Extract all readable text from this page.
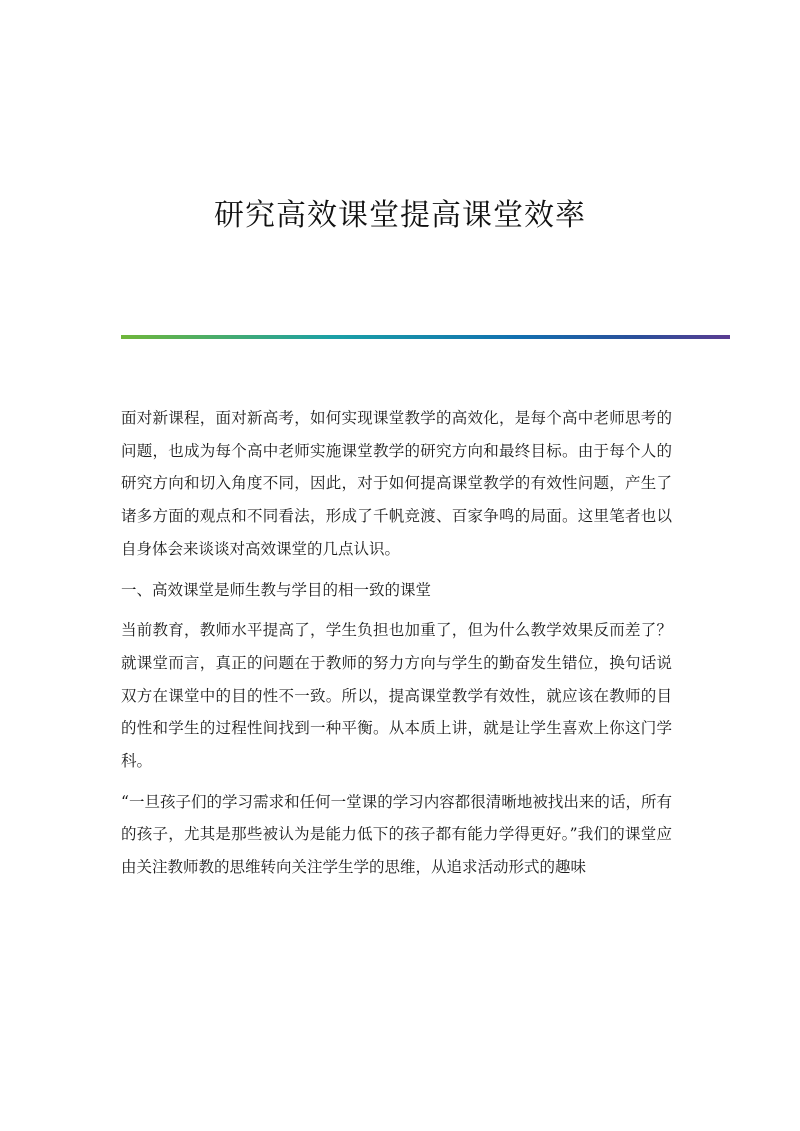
研究高效课堂提高课堂效率

面对新课程，面对新高考，如何实现课堂教学的高效化，是每个高中老师思考的问题，也成为每个高中老师实施课堂教学的研究方向和最终目标。由于每个人的研究方向和切入角度不同，因此，对于如何提高课堂教学的有效性问题，产生了诸多方面的观点和不同看法，形成了千帆竞渡、百家争鸣的局面。这里笔者也以自身体会来谈谈对高效课堂的几点认识。

一、高效课堂是师生教与学目的相一致的课堂

当前教育，教师水平提高了，学生负担也加重了，但为什么教学效果反而差了？就课堂而言，真正的问题在于教师的努力方向与学生的勤奋发生错位，换句话说双方在课堂中的目的性不一致。所以，提高课堂教学有效性，就应该在教师的目的性和学生的过程性间找到一种平衡。从本质上讲，就是让学生喜欢上你这门学科。

“一旦孩子们的学习需求和任何一堂课的学习内容都很清晰地被找出来的话，所有的孩子，尤其是那些被认为是能力低下的孩子都有能力学得更好。”我们的课堂应由关注教师教的思维转向关注学生学的思维，从追求活动形式的趣味
